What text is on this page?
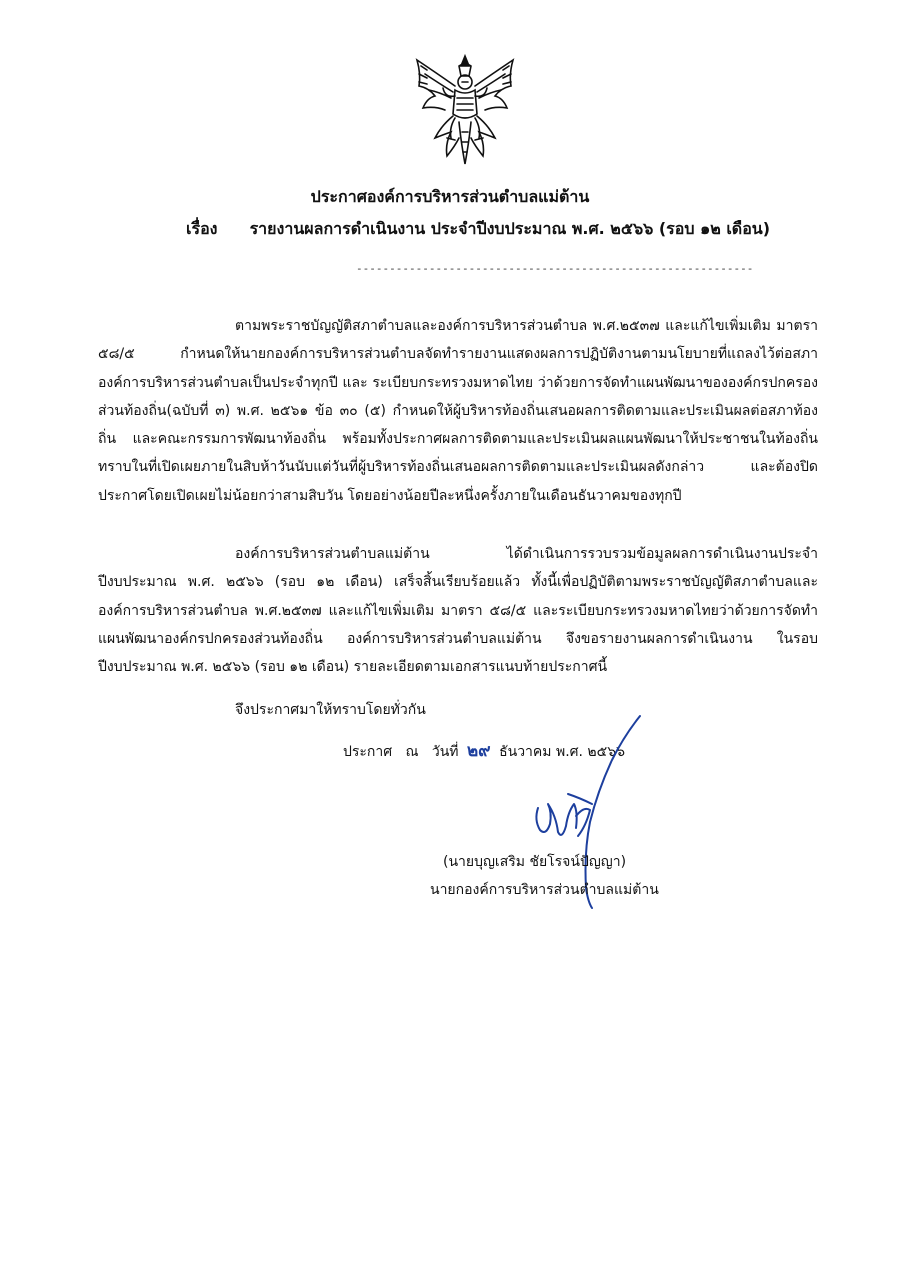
ประกาศองค์การบริหารส่วนตำบลแม่ต้าน
เรื่อง รายงานผลการดำเนินงาน ประจำปีงบประมาณ พ.ศ. ๒๕๖๖ (รอบ ๑๒ เดือน)
------------------------------------------------------------

ตามพระราชบัญญัติสภาตำบลและองค์การบริหารส่วนตำบล พ.ศ.๒๕๓๗ และแก้ไขเพิ่มเติม มาตรา ๕๘/๕ กำหนดให้นายกองค์การบริหารส่วนตำบลจัดทำรายงานแสดงผลการปฏิบัติงานตามนโยบายที่แถลงไว้ต่อสภาองค์การบริหารส่วนตำบลเป็นประจำทุกปี และ ระเบียบกระทรวงมหาดไทย ว่าด้วยการจัดทำแผนพัฒนาขององค์กรปกครองส่วนท้องถิ่น(ฉบับที่ ๓) พ.ศ. ๒๕๖๑ ข้อ ๓๐ (๕) กำหนดให้ผู้บริหารท้องถิ่นเสนอผลการติดตามและประเมินผลต่อสภาท้องถิ่น และคณะกรรมการพัฒนาท้องถิ่น พร้อมทั้งประกาศผลการติดตามและประเมินผลแผนพัฒนาให้ประชาชนในท้องถิ่นทราบในที่เปิดเผยภายในสิบห้าวันนับแต่วันที่ผู้บริหารท้องถิ่นเสนอผลการติดตามและประเมินผลดังกล่าว และต้องปิดประกาศโดยเปิดเผยไม่น้อยกว่าสามสิบวัน โดยอย่างน้อยปีละหนึ่งครั้งภายในเดือนธันวาคมของทุกปี

องค์การบริหารส่วนตำบลแม่ต้าน ได้ดำเนินการรวบรวมข้อมูลผลการดำเนินงานประจำปีงบประมาณ พ.ศ. ๒๕๖๖ (รอบ ๑๒ เดือน) เสร็จสิ้นเรียบร้อยแล้ว ทั้งนี้เพื่อปฏิบัติตามพระราชบัญญัติสภาตำบลและองค์การบริหารส่วนตำบล พ.ศ.๒๕๓๗ และแก้ไขเพิ่มเติม มาตรา ๕๘/๕ และระเบียบกระทรวงมหาดไทยว่าด้วยการจัดทำแผนพัฒนาองค์กรปกครองส่วนท้องถิ่น องค์การบริหารส่วนตำบลแม่ต้าน จึงขอรายงานผลการดำเนินงาน ในรอบปีงบประมาณ พ.ศ. ๒๕๖๖ (รอบ ๑๒ เดือน) รายละเอียดตามเอกสารแนบท้ายประกาศนี้

จึงประกาศมาให้ทราบโดยทั่วกัน
ประกาศ   ณ   วันที่ ๒๙ ธันวาคม พ.ศ. ๒๕๖๖
(นายบุญเสริม ชัยโรจน์ปัญญา)
นายกองค์การบริหารส่วนตำบลแม่ต้าน
